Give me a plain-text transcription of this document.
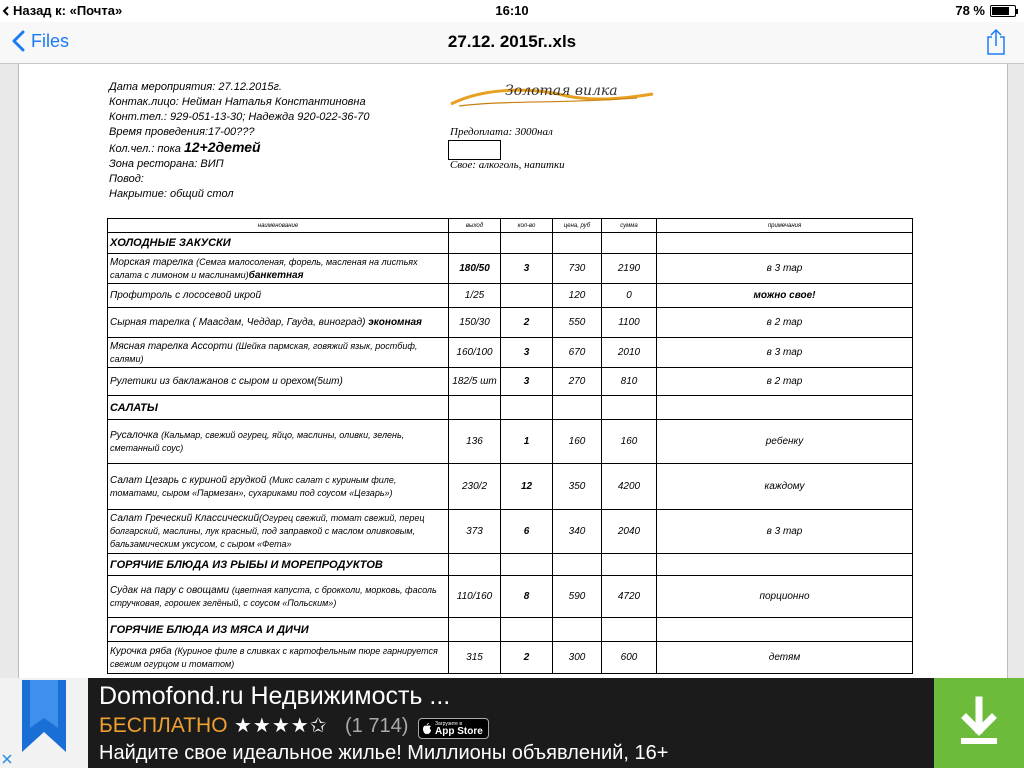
Назад к: «Почта»	16:10	78 %
Files	27.12. 2015г..xls
Дата мероприятия: 27.12.2015г.
Контак.лицо: Нейман Наталья Константиновна
Конт.тел.: 929-051-13-30; Надежда 920-022-36-70
Время проведения:17-00???
Кол.чел.: пока 12+2детей
Зона ресторана: ВИП
Повод:
Накрытие: общий стол
Золотая вилка
Предоплата: 3000нал
Свое: алкоголь, напитки
наименование	выход	кол-во	цена, руб	сумма	примечания
ХОЛОДНЫЕ ЗАКУСКИ					
Морская тарелка (Семга малосоленая, форель, масленая на листьях салата с лимоном и маслинами)банкетная	180/50	3	730	2190	в 3 тар
Профитроль с лососевой икрой	1/25		120	0	можно свое!
Сырная тарелка ( Маасдам, Чеддар, Гауда, виноград) экономная	150/30	2	550	1100	в 2 тар
Мясная тарелка Ассорти (Шейка пармская, говяжий язык, ростбиф, салями)	160/100	3	670	2010	в 3 тар
Рулетики из баклажанов с сыром и орехом(5шт)	182/5 шт	3	270	810	в 2 тар
САЛАТЫ					
Русалочка (Кальмар, свежий огурец, яйцо, маслины, оливки, зелень, сметанный соус)	136	1	160	160	ребенку
Салат Цезарь с куриной грудкой (Микс салат с куриным филе, томатами, сыром «Пармезан», сухариками под соусом «Цезарь»)	230/2	12	350	4200	каждому
Салат Греческий Классический(Огурец свежий, томат свежий, перец болгарский, маслины, лук красный, под заправкой с маслом оливковым, бальзамическим уксусом, с сыром «Фета»	373	6	340	2040	в 3 тар
ГОРЯЧИЕ БЛЮДА ИЗ РЫБЫ И МОРЕПРОДУКТОВ					
Судак на пару с овощами (цветная капуста, с брокколи, морковь, фасоль стручковая, горошек зелёный, с соусом «Польским»)	110/160	8	590	4720	порционно
ГОРЯЧИЕ БЛЮДА ИЗ МЯСА И ДИЧИ					
Курочка ряба (Куриное филе в сливках с картофельным пюре гарнируется свежим огурцом и томатом)	315	2	300	600	детям
Domofond.ru Недвижимость ...
БЕСПЛАТНО ★★★★✩ (1 714)	Загрузите в
App Store
Найдите свое идеальное жилье! Миллионы объявлений, 16+
